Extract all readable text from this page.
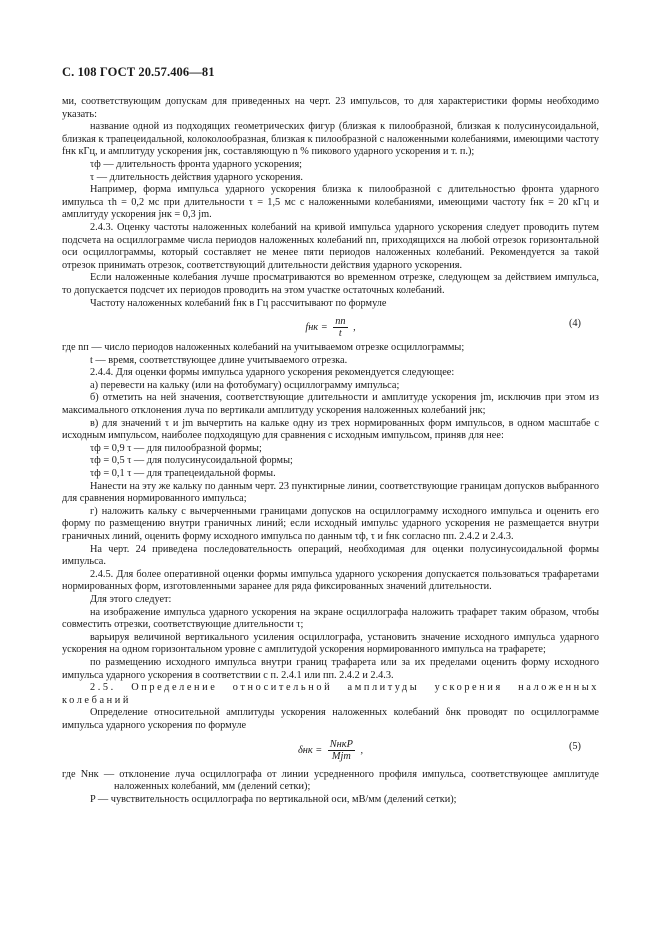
С. 108 ГОСТ 20.57.406—81

ми, соответствующим допускам для приведенных на черт. 23 импульсов, то для характеристики формы необходимо указать:

название одной из подходящих геометрических фигур (близкая к пилообразной, близкая к полусинусоидальной, близкая к трапецеидальной, колоколообразная, близкая к пилообразной с наложенными колебаниями, имеющими частоту fнк кГц, и амплитуду ускорения jнк, составляющую n % пикового ударного ускорения и т. п.);

τф — длительность фронта ударного ускорения;

τ — длительность действия ударного ускорения.

Например, форма импульса ударного ускорения близка к пилообразной с длительностью фронта ударного импульса τh = 0,2 мс при длительности τ = 1,5 мс с наложенными колебаниями, имеющими частоту fнк = 20 кГц и амплитуду ускорения jнк = 0,3 jm.

2.4.3. Оценку частоты наложенных колебаний на кривой импульса ударного ускорения следует проводить путем подсчета на осциллограмме числа периодов наложенных колебаний nп, приходящихся на любой отрезок горизонтальной оси осциллограммы, который составляет не менее пяти периодов наложенных колебаний. Рекомендуется за такой отрезок принимать отрезок, соответствующий длительности действия ударного ускорения.

Если наложенные колебания лучше просматриваются во временном отрезке, следующем за действием импульса, то допускается подсчет их периодов проводить на этом участке остаточных колебаний.

Частоту наложенных колебаний fнк в Гц рассчитывают по формуле

fнк = $\frac{nп}{t}$ ,	(4)

где nп — число периодов наложенных колебаний на учитываемом отрезке осциллограммы;

t — время, соответствующее длине учитываемого отрезка.

2.4.4. Для оценки формы импульса ударного ускорения рекомендуется следующее:

а) перевести на кальку (или на фотобумагу) осциллограмму импульса;

б) отметить на ней значения, соответствующие длительности и амплитуде ускорения jm, исключив при этом из максимального отклонения луча по вертикали амплитуду ускорения наложенных колебаний jнк;

в) для значений τ и jm вычертить на кальке одну из трех нормированных форм импульсов, в одном масштабе с исходным импульсом, наиболее подходящую для сравнения с исходным импульсом, приняв для нее:

τф = 0,9 τ — для пилообразной формы;

τф = 0,5 τ — для полусинусоидальной формы;

τф = 0,1 τ — для трапецеидальной формы.

Нанести на эту же кальку по данным черт. 23 пунктирные линии, соответствующие границам допусков выбранного для сравнения нормированного импульса;

г) наложить кальку с вычерченными границами допусков на осциллограмму исходного импульса и оценить его форму по размещению внутри граничных линий; если исходный импульс ударного ускорения не размещается внутри граничных линий, оценить форму исходного импульса по данным τф, τ и fнк согласно пп. 2.4.2 и 2.4.3.

На черт. 24 приведена последовательность операций, необходимая для оценки полусинусоидальной формы импульса.

2.4.5. Для более оперативной оценки формы импульса ударного ускорения допускается пользоваться трафаретами нормированных форм, изготовленными заранее для ряда фиксированных значений длительности.

Для этого следует:

на изображение импульса ударного ускорения на экране осциллографа наложить трафарет таким образом, чтобы совместить отрезки, соответствующие длительности τ;

варьируя величиной вертикального усиления осциллографа, установить значение исходного импульса ударного ускорения на одном горизонтальном уровне с амплитудой ускорения нормированного импульса на трафарете;

по размещению исходного импульса внутри границ трафарета или за их пределами оценить форму исходного импульса ударного ускорения в соответствии с п. 2.4.1 или пп. 2.4.2 и 2.4.3.

2.5. Определение относительной амплитуды ускорения наложенных колебаний

Определение относительной амплитуды ускорения наложенных колебаний δнк проводят по осциллограмме импульса ударного ускорения по формуле

$\delta нк = \frac{\text{NнкP}}{\text{Mjm}}$ ,	(5)

где Nнк — отклонение луча осциллографа от линии усредненного профиля импульса, соответствующее амплитуде наложенных колебаний, мм (делений сетки);

P — чувствительность осциллографа по вертикальной оси, мВ/мм (делений сетки);
